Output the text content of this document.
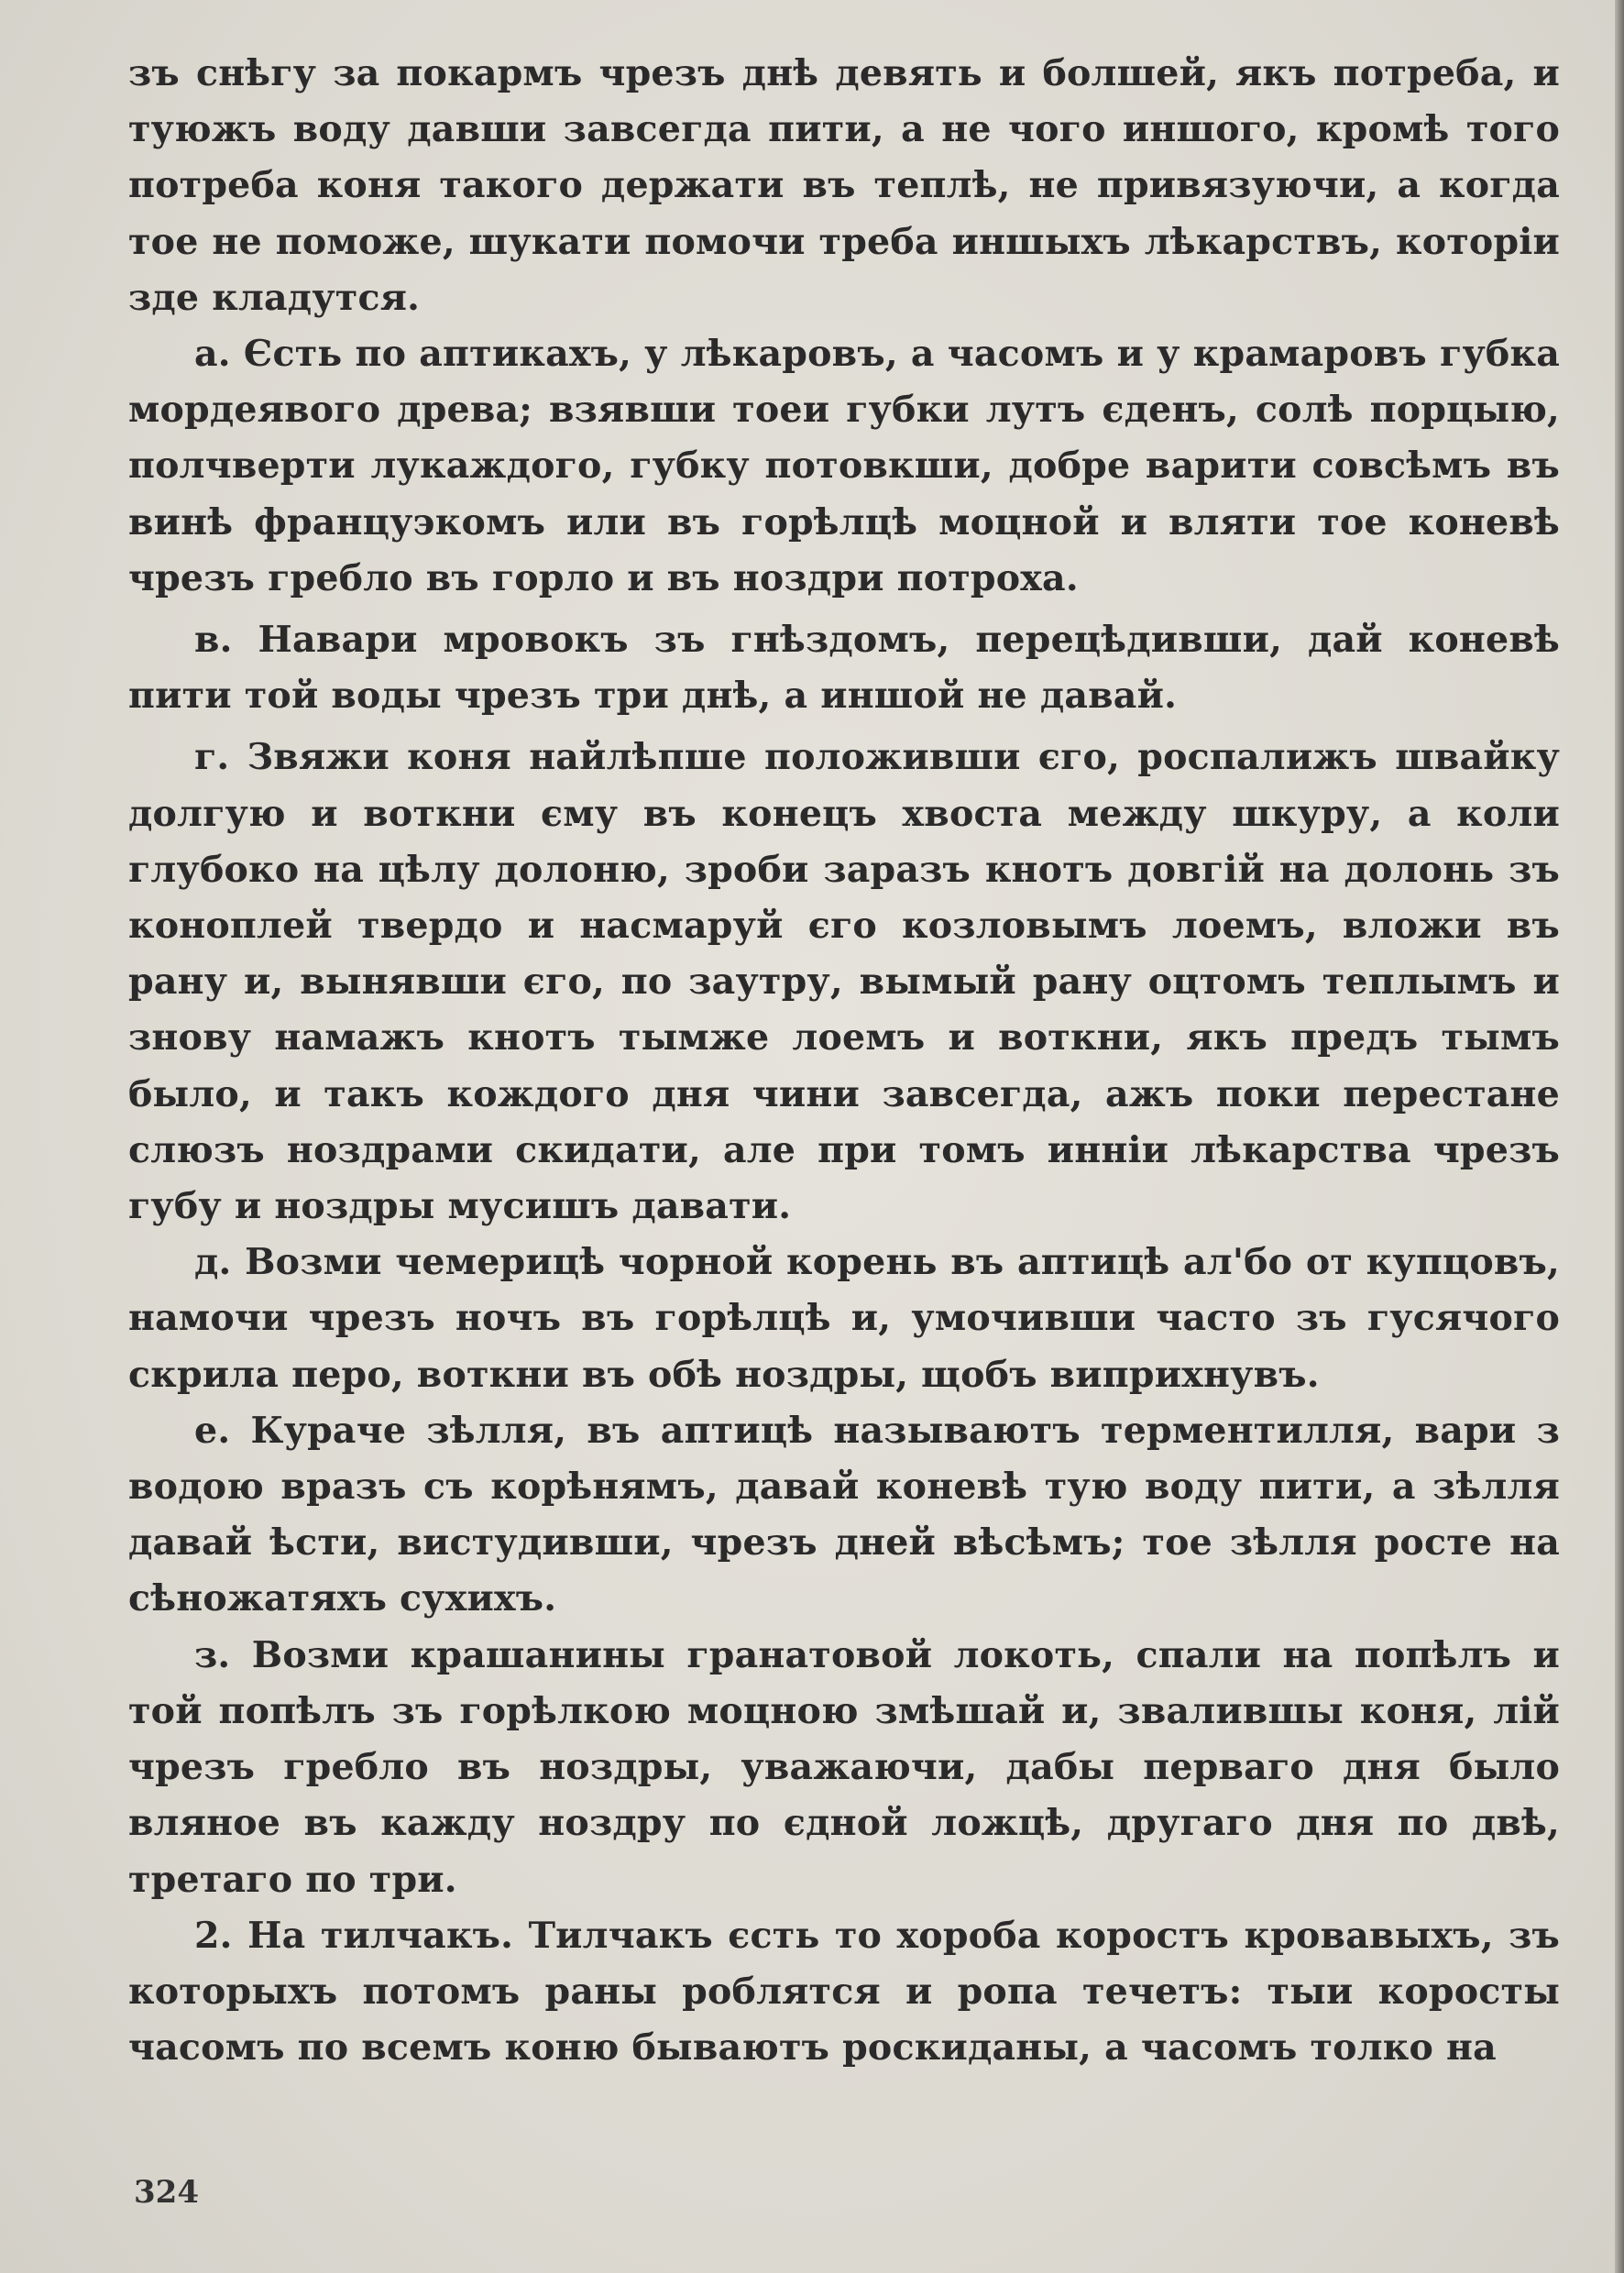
зъ снѣгу за покармъ чрезъ днѣ девять и болшей, якъ потреба, и туюжъ воду давши завсегда пити, а не чого иншого, кромѣ того потреба коня такого держати въ теплѣ, не привязуючи, а когда тое не поможе, шукати помочи треба иншыхъ лѣкарствъ, которіи зде кладутся.

а. Єсть по аптикахъ, у лѣкаровъ, а часомъ и у крамаровъ губка мордеявого древа; взявши тоеи губки лутъ єденъ, солѣ порцыю, полчверти лукаждого, губку потовкши, добре варити совсѣмъ въ винѣ француэкомъ или въ горѣлцѣ моцной и вляти тое коневѣ чрезъ гребло въ горло и въ ноздри потроха.

в. Навари мровокъ зъ гнѣздомъ, перецѣдивши, дай коневѣ пити той воды чрезъ три днѣ, а иншой не давай.

г. Звяжи коня найлѣпше положивши єго, роспалижъ швайку долгую и воткни єму въ конецъ хвоста между шкуру, а коли глубоко на цѣлу долоню, зроби заразъ кнотъ довгій на долонь зъ коноплей твердо и насмаруй єго козловымъ лоемъ, вложи въ рану и, вынявши єго, по заутру, вымый рану оцтомъ теплымъ и знову намажъ кнотъ тымже лоемъ и воткни, якъ предъ тымъ было, и такъ кождого дня чини завсегда, ажъ поки перестане слюзъ ноздрами скидати, але при томъ инніи лѣкарства чрезъ губу и ноздры мусишъ давати.

д. Возми чемерицѣ чорной корень въ аптицѣ ал'бо от купцовъ, намочи чрезъ ночъ въ горѣлцѣ и, умочивши часто зъ гусячого скрила перо, воткни въ обѣ ноздры, щобъ виприхнувъ.

е. Кураче зѣлля, въ аптицѣ называютъ терментилля, вари з водою вразъ съ корѣнямъ, давай коневѣ тую воду пити, а зѣлля давай ѣсти, вистудивши, чрезъ дней вѣсѣмъ; тое зѣлля росте на сѣножатяхъ сухихъ.

з. Возми крашанины гранатовой локоть, спали на попѣлъ и той попѣлъ зъ горѣлкою моцною змѣшай и, звалившы коня, лій чрезъ гребло въ ноздры, уважаючи, дабы перваго дня было вляное въ кажду ноздру по єдной ложцѣ, другаго дня по двѣ, третаго по три.

2. На тилчакъ. Тилчакъ єсть то хороба коростъ кровавыхъ, зъ которыхъ потомъ раны роблятся и ропа течетъ: тыи коросты часомъ по всемъ коню бываютъ роскиданы, а часомъ толко на

324
